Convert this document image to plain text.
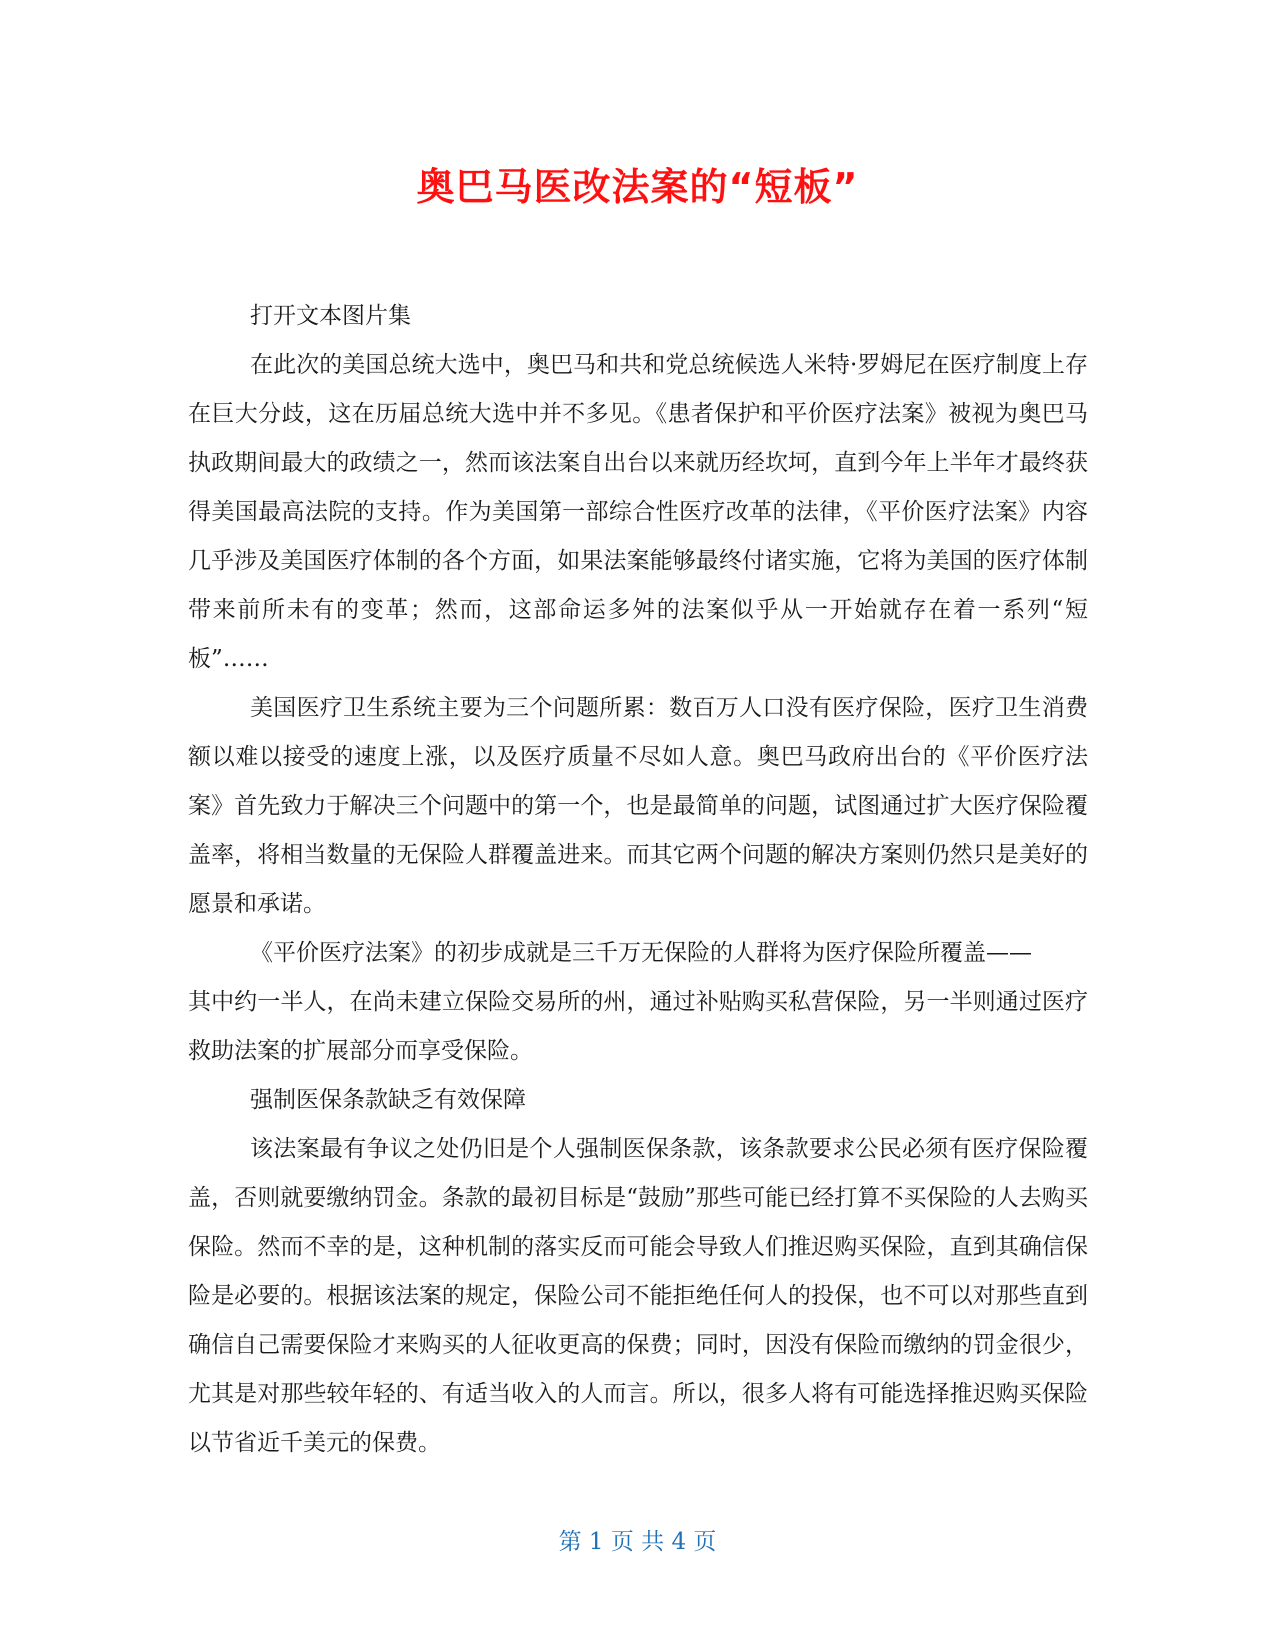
奥巴马医改法案的“短板”

打开文本图片集

在此次的美国总统大选中，奥巴马和共和党总统候选人米特·罗姆尼在医疗制度上存在巨大分歧，这在历届总统大选中并不多见。《患者保护和平价医疗法案》被视为奥巴马执政期间最大的政绩之一，然而该法案自出台以来就历经坎坷，直到今年上半年才最终获得美国最高法院的支持。作为美国第一部综合性医疗改革的法律，《平价医疗法案》内容几乎涉及美国医疗体制的各个方面，如果法案能够最终付诸实施，它将为美国的医疗体制带来前所未有的变革；然而，这部命运多舛的法案似乎从一开始就存在着一系列“短板”……

美国医疗卫生系统主要为三个问题所累：数百万人口没有医疗保险，医疗卫生消费额以难以接受的速度上涨，以及医疗质量不尽如人意。奥巴马政府出台的《平价医疗法案》首先致力于解决三个问题中的第一个，也是最简单的问题，试图通过扩大医疗保险覆盖率，将相当数量的无保险人群覆盖进来。而其它两个问题的解决方案则仍然只是美好的愿景和承诺。

《平价医疗法案》的初步成就是三千万无保险的人群将为医疗保险所覆盖——

其中约一半人，在尚未建立保险交易所的州，通过补贴购买私营保险，另一半则通过医疗救助法案的扩展部分而享受保险。

强制医保条款缺乏有效保障

该法案最有争议之处仍旧是个人强制医保条款，该条款要求公民必须有医疗保险覆盖，否则就要缴纳罚金。条款的最初目标是“鼓励”那些可能已经打算不买保险的人去购买保险。然而不幸的是，这种机制的落实反而可能会导致人们推迟购买保险，直到其确信保险是必要的。根据该法案的规定，保险公司不能拒绝任何人的投保，也不可以对那些直到确信自己需要保险才来购买的人征收更高的保费；同时，因没有保险而缴纳的罚金很少，尤其是对那些较年轻的、有适当收入的人而言。所以，很多人将有可能选择推迟购买保险以节省近千美元的保费。

第 1 页 共 4 页
